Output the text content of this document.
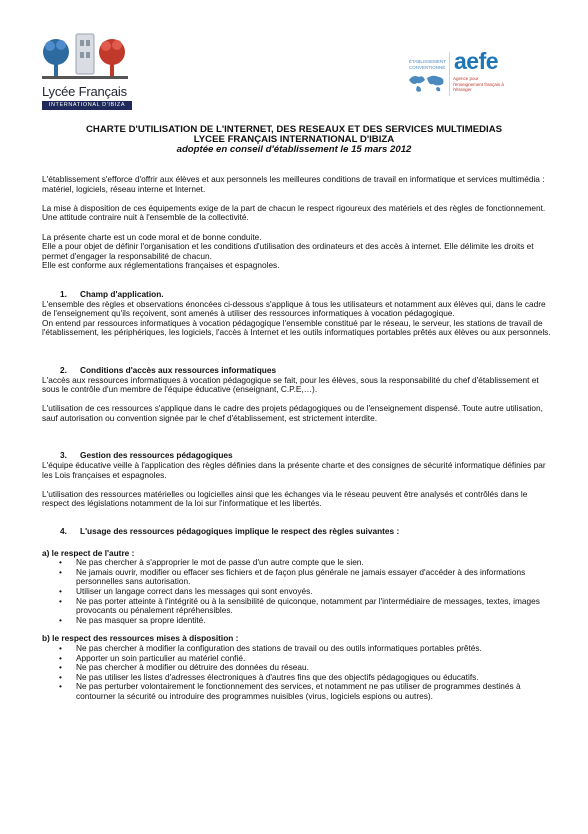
Lycée Français
INTERNATIONAL D'IBIZA
ÉTABLISSEMENT CONVENTIONNÉ aefe
Agence pour l'enseignement français à l'étranger
CHARTE D'UTILISATION DE L'INTERNET, DES RESEAUX ET DES SERVICES MULTIMEDIAS
LYCEE FRANÇAIS INTERNATIONAL D'IBIZA
adoptée en conseil d'établissement le 15 mars 2012

L'établissement s'efforce d'offrir aux élèves et aux personnels les meilleures conditions de travail en informatique et services multimédia : matériel, logiciels, réseau interne et Internet.

La mise à disposition de ces équipements exige de la part de chacun le respect rigoureux des matériels et des règles de fonctionnement. Une attitude contraire nuit à l'ensemble de la collectivité.

La présente charte est un code moral et de bonne conduite.
Elle a pour objet de définir l'organisation et les conditions d'utilisation des ordinateurs et des accès à internet. Elle délimite les droits et permet d'engager la responsabilité de chacun.
Elle est conforme aux réglementations françaises et espagnoles.
1. Champ d'application.
L'ensemble des règles et observations énoncées ci-dessous s'applique à tous les utilisateurs et notamment aux élèves qui, dans le cadre de l'enseignement qu'ils reçoivent, sont amenés à utiliser des ressources informatiques à vocation pédagogique.
On entend par ressources informatiques à vocation pédagogique l'ensemble constitué par le réseau, le serveur, les stations de travail de l'établissement, les périphériques, les logiciels, l'accès à Internet et les outils informatiques portables prêtés aux élèves ou aux personnels.
2. Conditions d'accès aux ressources informatiques

L'accès aux ressources informatiques à vocation pédagogique se fait, pour les élèves, sous la responsabilité du chef d'établissement et sous le contrôle d'un membre de l'équipe éducative (enseignant, C.P.E,…).

L'utilisation de ces ressources s'applique dans le cadre des projets pédagogiques ou de l'enseignement dispensé. Toute autre utilisation, sauf autorisation ou convention signée par le chef d'établissement, est strictement interdite.
3. Gestion des ressources pédagogiques

L'équipe éducative veille à l'application des règles définies dans la présente charte et des consignes de sécurité informatique définies par les Lois françaises et espagnoles.

L'utilisation des ressources matérielles ou logicielles ainsi que les échanges via le réseau peuvent être analysés et contrôlés dans le respect des législations notamment de la loi sur l'informatique et les libertés.
4. L'usage des ressources pédagogiques implique le respect des règles suivantes :
a) le respect de l'autre :
• Ne pas chercher à s'approprier le mot de passe d'un autre compte que le sien.
• Ne jamais ouvrir, modifier ou effacer ses fichiers et de façon plus générale ne jamais essayer d'accéder à des informations personnelles sans autorisation.
• Utiliser un langage correct dans les messages qui sont envoyés.
• Ne pas porter atteinte à l'intégrité ou à la sensibilité de quiconque, notamment par l'intermédiaire de messages, textes, images provocants ou pénalement répréhensibles.
• Ne pas masquer sa propre identité.
b) le respect des ressources mises à disposition :
• Ne pas chercher à modifier la configuration des stations de travail ou des outils informatiques portables prêtés.
• Apporter un soin particulier au matériel confié.
• Ne pas chercher à modifier ou détruire des données du réseau.
• Ne pas utiliser les listes d'adresses électroniques à d'autres fins que des objectifs pédagogiques ou éducatifs.
• Ne pas perturber volontairement le fonctionnement des services, et notamment ne pas utiliser de programmes destinés à contourner la sécurité ou introduire des programmes nuisibles (virus, logiciels espions ou autres).
